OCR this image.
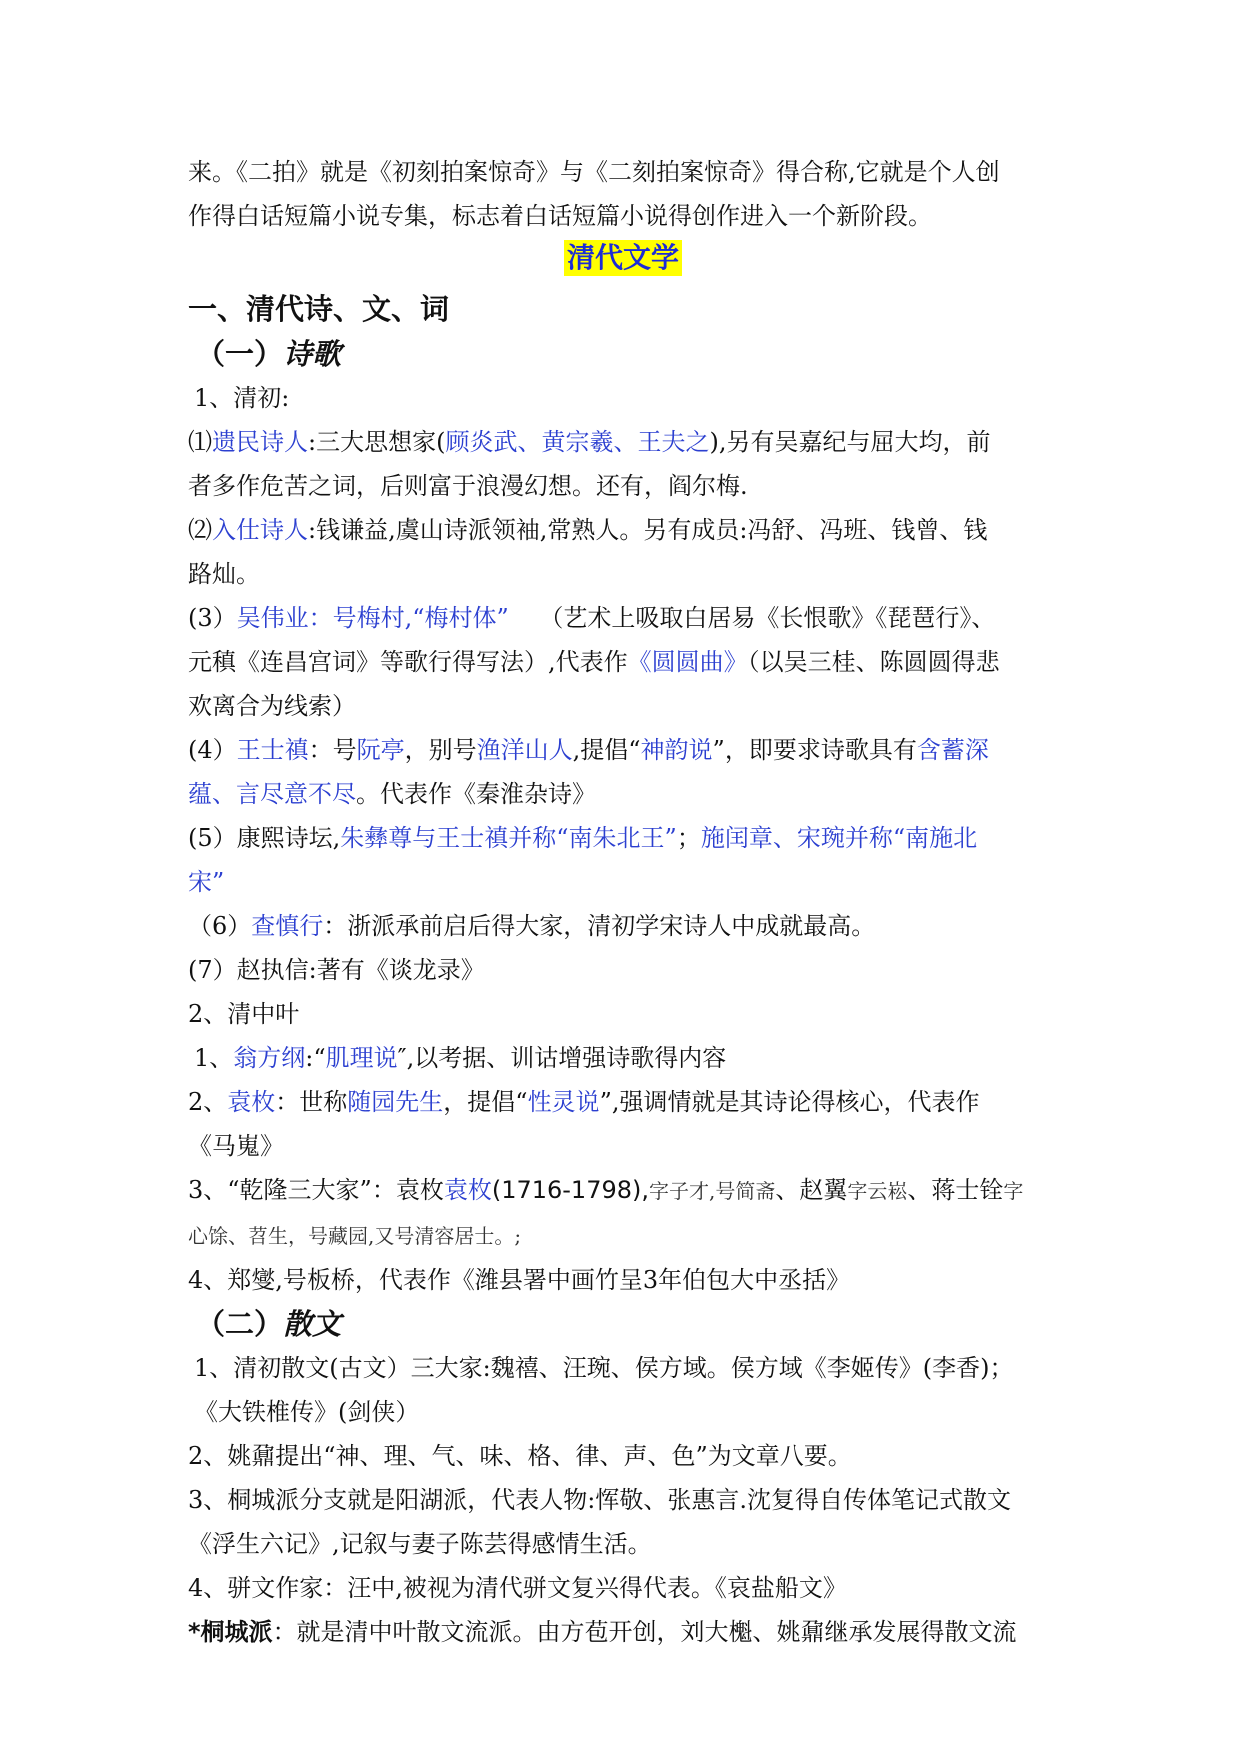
来。《二拍》就是《初刻拍案惊奇》与《二刻拍案惊奇》得合称,它就是个人创

作得白话短篇小说专集，标志着白话短篇小说得创作进入一个新阶段。

清代文学

一、清代诗、文、词

（一）诗歌

1、清初:

⑴遗民诗人:三大思想家(顾炎武、黄宗羲、王夫之),另有吴嘉纪与屈大均，前
者多作危苦之词，后则富于浪漫幻想。还有，阎尔梅.

⑵入仕诗人:钱谦益,虞山诗派领袖,常熟人。另有成员:冯舒、冯班、钱曾、钱
路灿。

(3）吴伟业：号梅村,“梅村体” （艺术上吸取白居易《长恨歌》《琵琶行》、
元稹《连昌宫词》等歌行得写法）,代表作《圆圆曲》（以吴三桂、陈圆圆得悲
欢离合为线索）

(4）王士禛：号阮亭，别号渔洋山人,提倡“神韵说”，即要求诗歌具有含蓄深
蕴、言尽意不尽。代表作《秦淮杂诗》

(5）康熙诗坛,朱彝尊与王士禛并称“南朱北王”；施闰章、宋琬并称“南施北
宋”

（6）查慎行：浙派承前启后得大家，清初学宋诗人中成就最高。

(7）赵执信:著有《谈龙录》

2、清中叶

1、翁方纲:“肌理说″,以考据、训诂增强诗歌得内容

2、袁枚：世称随园先生，提倡“性灵说”,强调情就是其诗论得核心，代表作
《马嵬》

3、“乾隆三大家”：袁枚袁枚(1716-1798),字子才,号简斋、赵翼字云崧、蒋士铨字
心馀、苕生，号藏园,又号清容居士。;

4、郑燮,号板桥，代表作《潍县署中画竹呈3年伯包大中丞括》

（二）散文

1、清初散文(古文）三大家:魏禧、汪琬、侯方域。侯方域《李姬传》(李香)；
《大铁椎传》(剑侠）

2、姚鼐提出“神、理、气、味、格、律、声、色”为文章八要。

3、桐城派分支就是阳湖派，代表人物:恽敬、张惠言.沈复得自传体笔记式散文
《浮生六记》,记叙与妻子陈芸得感情生活。

4、骈文作家：汪中,被视为清代骈文复兴得代表。《哀盐船文》

*桐城派：就是清中叶散文流派。由方苞开创，刘大櫆、姚鼐继承发展得散文流
